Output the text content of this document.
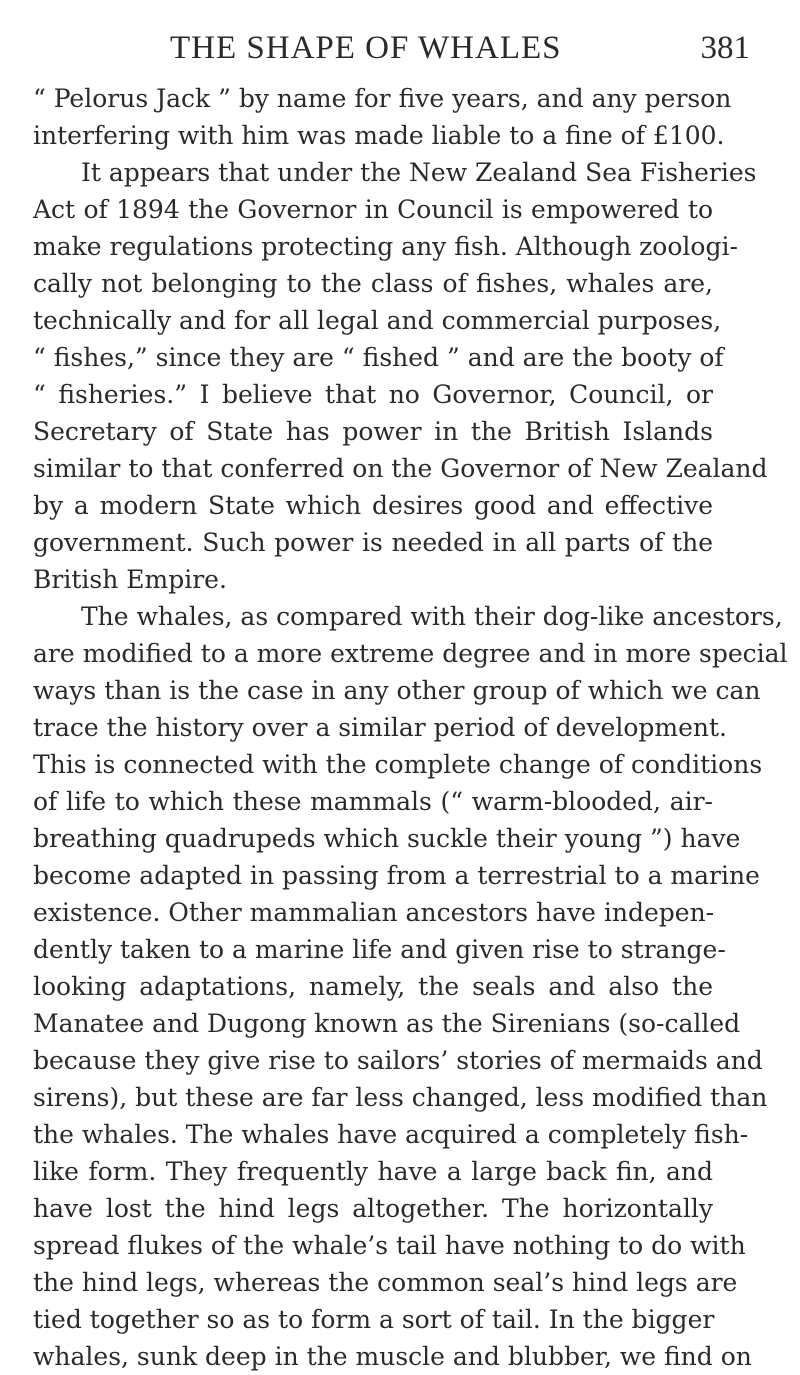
THE SHAPE OF WHALES	381
“ Pelorus Jack ” by name for five years, and any person
interfering with him was made liable to a fine of £100.
It appears that under the New Zealand Sea Fisheries
Act of 1894 the Governor in Council is empowered to
make regulations protecting any fish. Although zoologi-
cally not belonging to the class of fishes, whales are,
technically and for all legal and commercial purposes,
“ fishes,” since they are “ fished ” and are the booty of
“ fisheries.” I believe that no Governor, Council, or
Secretary of State has power in the British Islands
similar to that conferred on the Governor of New Zealand
by a modern State which desires good and effective
government. Such power is needed in all parts of the
British Empire.
The whales, as compared with their dog-like ancestors,
are modified to a more extreme degree and in more special
ways than is the case in any other group of which we can
trace the history over a similar period of development.
This is connected with the complete change of conditions
of life to which these mammals (“ warm-blooded, air-
breathing quadrupeds which suckle their young ”) have
become adapted in passing from a terrestrial to a marine
existence. Other mammalian ancestors have indepen-
dently taken to a marine life and given rise to strange-
looking adaptations, namely, the seals and also the
Manatee and Dugong known as the Sirenians (so-called
because they give rise to sailors’ stories of mermaids and
sirens), but these are far less changed, less modified than
the whales. The whales have acquired a completely fish-
like form. They frequently have a large back fin, and
have lost the hind legs altogether. The horizontally
spread flukes of the whale’s tail have nothing to do with
the hind legs, whereas the common seal’s hind legs are
tied together so as to form a sort of tail. In the bigger
whales, sunk deep in the muscle and blubber, we find on
